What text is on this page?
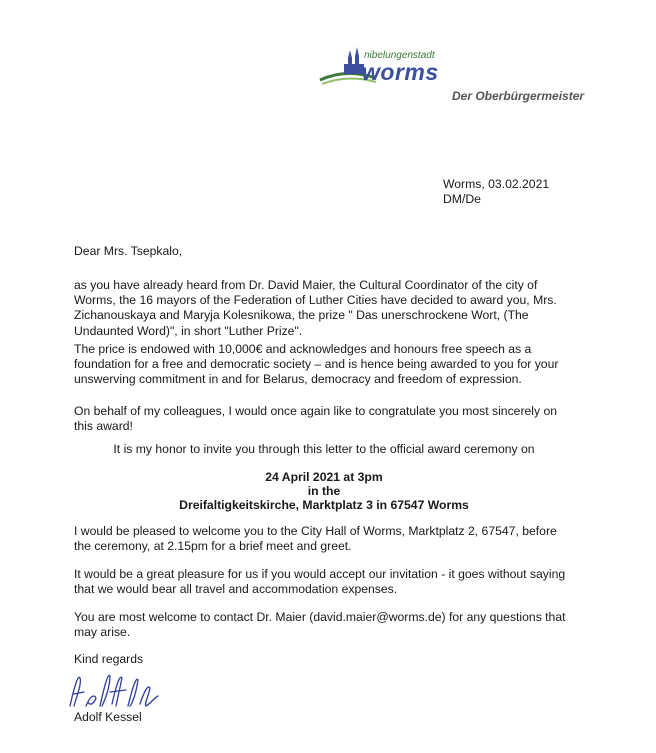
nibelungenstadt
worms
Der Oberbürgermeister
Worms, 03.02.2021
DM/De

Dear Mrs. Tsepkalo,

as you have already heard from Dr. David Maier, the Cultural Coordinator of the city of Worms, the 16 mayors of the Federation of Luther Cities have decided to award you, Mrs. Zichanouskaya and Maryja Kolesnikowa, the prize " Das unerschrockene Wort, (The Undaunted Word)", in short "Luther Prize".

The price is endowed with 10,000€ and acknowledges and honours free speech as a foundation for a free and democratic society – and is hence being awarded to you for your unswerving commitment in and for Belarus, democracy and freedom of expression.

On behalf of my colleagues, I would once again like to congratulate you most sincerely on this award!

It is my honor to invite you through this letter to the official award ceremony on
24 April 2021 at 3pm
in the
Dreifaltigkeitskirche, Marktplatz 3 in 67547 Worms

I would be pleased to welcome you to the City Hall of Worms, Marktplatz 2, 67547, before the ceremony, at 2.15pm for a brief meet and greet.

It would be a great pleasure for us if you would accept our invitation - it goes without saying that we would bear all travel and accommodation expenses.

You are most welcome to contact Dr. Maier (david.maier@worms.de) for any questions that may arise.

Kind regards
Adolf Kessel
